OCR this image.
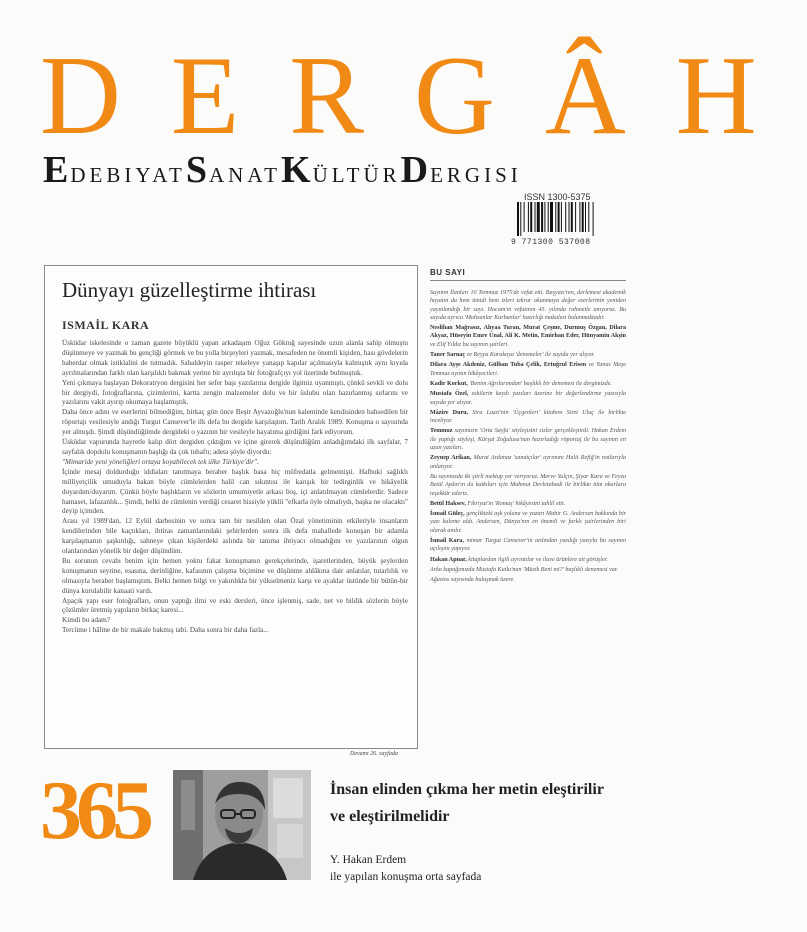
DERGÂH
EdebiyatSanatKültürDergisi
ISSN 1300-5375
9 771300 537008
Dünyayı güzelleştirme ihtirası
ISMAİL KARA

Üsküdar iskelesinde o zaman gazete büyüklü yapan arkadaşım Oğuz Göktuğ sayesinde uzun alanla sahip olmuştu düşünmeye ve yazmak bu gençliği görmek ve bu yolla birşeyleri yazmak, mesafeden ne önemli kişiden, hası gövdelerin haberdar olmak istiklalini de tutmadık. Sahaldeyin rasper tekeleye yanaşıp kapılar açılmasıyla kalmıştık aynı kıyıda ayrılmalarından farklı olan karşılıklı bakmak yerine bir ayrılışta bir fotoğrafçıyı yol üzerinde bulmuştuk.

Yeni çıkmaya başlayan Dekoratryon dergisini her sefer başı yazılarına dergide ilgimiz uyanmıştı, çünkü sevkli ve dolu bir dergiydi, fotoğraflarına, çizimlerini, kartta zengin malzemeler dolu ve bir üslubu olan hazırlanmış sırlarını ve yazılarını vakit ayırıp okumaya başlamıştık.

Daha önce adını ve eserlerini bilmediğim, birkaç gün önce Beşir Ayvazoğlu'nun kaleminde kendisinden bahsedilen bir röportajı vesilesiyle andığı Turgut Cansever'le ilk defa bu dergide karşılaştım. Tarih Aralık 1989. Konuşma o sayısında yer almışdı. Şimdi düşündüğümde dergideki o yazının bir vesileyle hayatıma girdiğini fark ediyorum.

Üsküdar vapurunda hayretle kalıp dört dergiden çıktığım ve içine girerek düşündüğüm anladığımdaki ilk sayfalar, 7 sayfalık dopdolu konuşmanın başlığı da çok tuhaftı; adeta şöyle diyordu:

"Mimaride yeni yöneliğleri ortaya koyabilecek tek ülke Türkiye'dir".

İçinde mesaj doldurduğu iddiaları tanıtmaya beraber başlık basa hiç müfredatla gelmemişti. Halbuki sağlıklı milliyetçilik umuduyla bakan böyle cümlelerden halil can sıkıntısı ile karışık bir tedirginlik ve hikâyelik duyardım/duyarım. Çünkü böyle başlıkların ve sözlerin umumiyetle arkası boş, içi anlatılmayan cümlelerdir. Sadece hamaset, lafazanlık... Şimdi, belki de cümlenin verdiği cesaret hissiyle yüklü "efkarla öyle olmalıydı, başka ne olacaktı" deyip içimden.

Arası yıl 1989'dan, 12 Eylül darbesinin ve sonra tam bir nesilden olan Özal yönetiminin etkileriyle insanların kendilerinden bile kaçtıkları, ihtiras zamanlarındaki şehirlerden sonra ilk defa mahallede konuşan bir adamla karşılaşmanın şaşkınlığı, sahneye çıkan kişilerdeki aslında bir tanıma ihtiyacı olmadığını ve yazılarının olgun olanlarından yönelik bir değer düşündüm.

Bu sorunun cevabı benim için hemen yoktu fakat konuşmanın gerekçelerinde, işaretlerinden, büyük şeylerden konuşmanın seyrine, esasına, derinliğine, kafasının çalışma biçimine ve düşünme ahlâkına dair anlatılar, tutarlılık ve olmasıyla beraber başlamıştım. Belki hemen bilgi ve yakınlıkla bir yükselmeniz karşı ve ayaklar üstünde bir bütün-bir dünya kurulabilir kanaati vardı.

Apaçık yapı eser fotoğrafları, onun yaptığı ilmi ve eski dersleri, önce işlenmiş, sade, net ve bildik sözlerin böyle çözümler üretmiş yapıların birkaç karesi...

Kimdi bu adam?

Tercüme i hâline de bir makale bakmış tabi. Daha sonra bir daha fazla...

Devamı 26. sayfada
BU SAYI

Sayının İlanları 10 Temmuz 1975'de vefat etti. Başyazı'nın, derlemesi akademik hayatın da hem ümidi hem izleri tekrar okunmaya değer eserlerinin yeniden yayınlandığı bir sayı. Hocam'ın vefatının 45. yılında rahmetle anıyoruz. Bu sayıda ayrıca 'Mahzunlar Kurbanlar' hazırlığı makalesi bulunmaktadır.

Neslihan Mağrasız, Ahyaa Turan, Murat Çeşme, Durmuş Özgan, Dilara Akyaz, Hüseyin Emre Ünal, Ali K. Metin, Emirhan Eder, Hünyamin Akşin ve Elif Yıldız bu sayının şairleri.

Taner Sarnaç ve Reyya Karakaya 'denemeler' ile sayıda yer alıyor.

Dilara Ayşe Akdeniz, Gülhan Tuba Çelik, Ertuğrul Erisen ve Yunus Meşe Temmuz ayının hikâyecileri.

Kadir Korkut, 'Benim Ağrılarımdan' başlıklı bir denemesi ile dergimizde.

Mustafa Özel, eskilerin kaydı yazıları üzerine bir değerlendirme yazısıyla sayıda yer alıyor.

Mâzire Duru, Sira Lazzi'nin 'Üçgenleri' kitabını Siret Uluç ile birlikte inceliyor.

Temmuz sayımızın 'Orta Sayfa' söyleşisini sizler gerçekleştirdi. Hakan Erdem ile yaptığı söyleşi, Kürşat Zoğulusu'nun hazırladığı röportaj ile bu sayının en uzun yazıları.

Zeynep Arikan, Murat Ardanaz 'sanatçılar' ayrımını Halit Refiğ'in notlarıyla anlatıyor.

Bu sayımızda iki şiirli mektup yer veriyoruz. Merve Yalçın, Şiyar Kara ve Feyza Betül Aydın'ın da katkıları için Mahmut Devletabadi ile birlikte tüm okurlara teşekkür ederiz.

Betül Haksev, Fikriyat'ın 'Romaş' hikâyesini tahlil etti.

İsmail Güleç, gençlikteki aşk yoluna ve yazarı Mahir G. Andersen hakkında bir yazı kaleme aldı. Andersen, Dünya'nın en önemli ve farklı şairlerinden biri olarak anılır.

İsmail Kara, mimar Turgut Cansever'in ardından yazdığı yazıyla bu sayının açılışını yapıyor.

Hakan Apnar, kitaplardan ilgili ayrıntılar ve ilave ürünlere ait görüşler.

Arka kapağımızda Mustafa Kutlu'nun 'Müzik Beni mi?' başlıklı denemesi var.

Ağustos sayısında buluşmak üzere.

365	İnsan elinden çıkma her metin eleştirilir
ve eleştirilmelidir
Y. Hakan Erdem
ile yapılan konuşma orta sayfada
